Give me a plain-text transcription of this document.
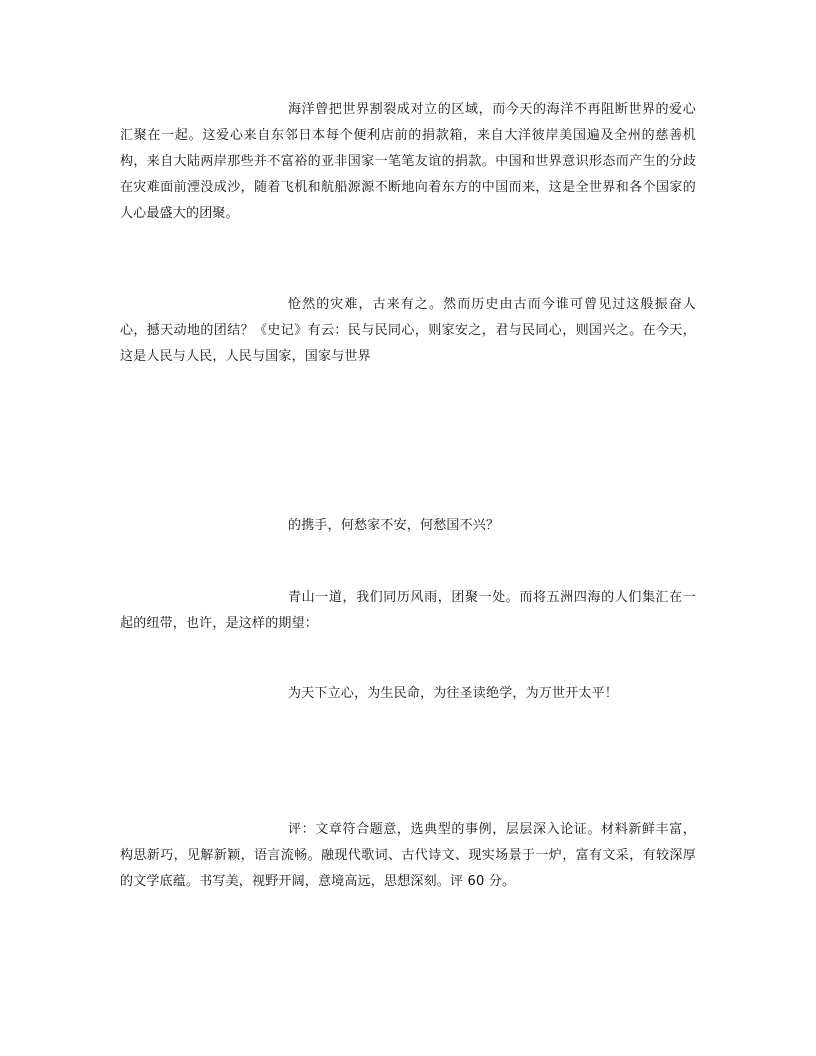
海洋曾把世界割裂成对立的区域，而今天的海洋不再阻断世界的爱心汇聚在一起。这爱心来自东邻日本每个便利店前的捐款箱，来自大洋彼岸美国遍及全州的慈善机构，来自大陆两岸那些并不富裕的亚非国家一笔笔友谊的捐款。中国和世界意识形态而产生的分歧在灾难面前湮没成沙，随着飞机和航船源源不断地向着东方的中国而来，这是全世界和各个国家的人心最盛大的团聚。

怆然的灾难，古来有之。然而历史由古而今谁可曾见过这般振奋人心，撼天动地的团结？《史记》有云：民与民同心，则家安之，君与民同心，则国兴之。在今天，这是人民与人民，人民与国家，国家与世界

的携手，何愁家不安，何愁国不兴？

青山一道，我们同历风雨，团聚一处。而将五洲四海的人们集汇在一起的纽带，也许，是这样的期望：

为天下立心，为生民命，为往圣读绝学，为万世开太平！

评：文章符合题意，选典型的事例，层层深入论证。材料新鲜丰富，构思新巧，见解新颖，语言流畅。融现代歌词、古代诗文、现实场景于一炉，富有文采，有较深厚的文学底蕴。书写美，视野开阔，意境高远，思想深刻。评 60 分。
